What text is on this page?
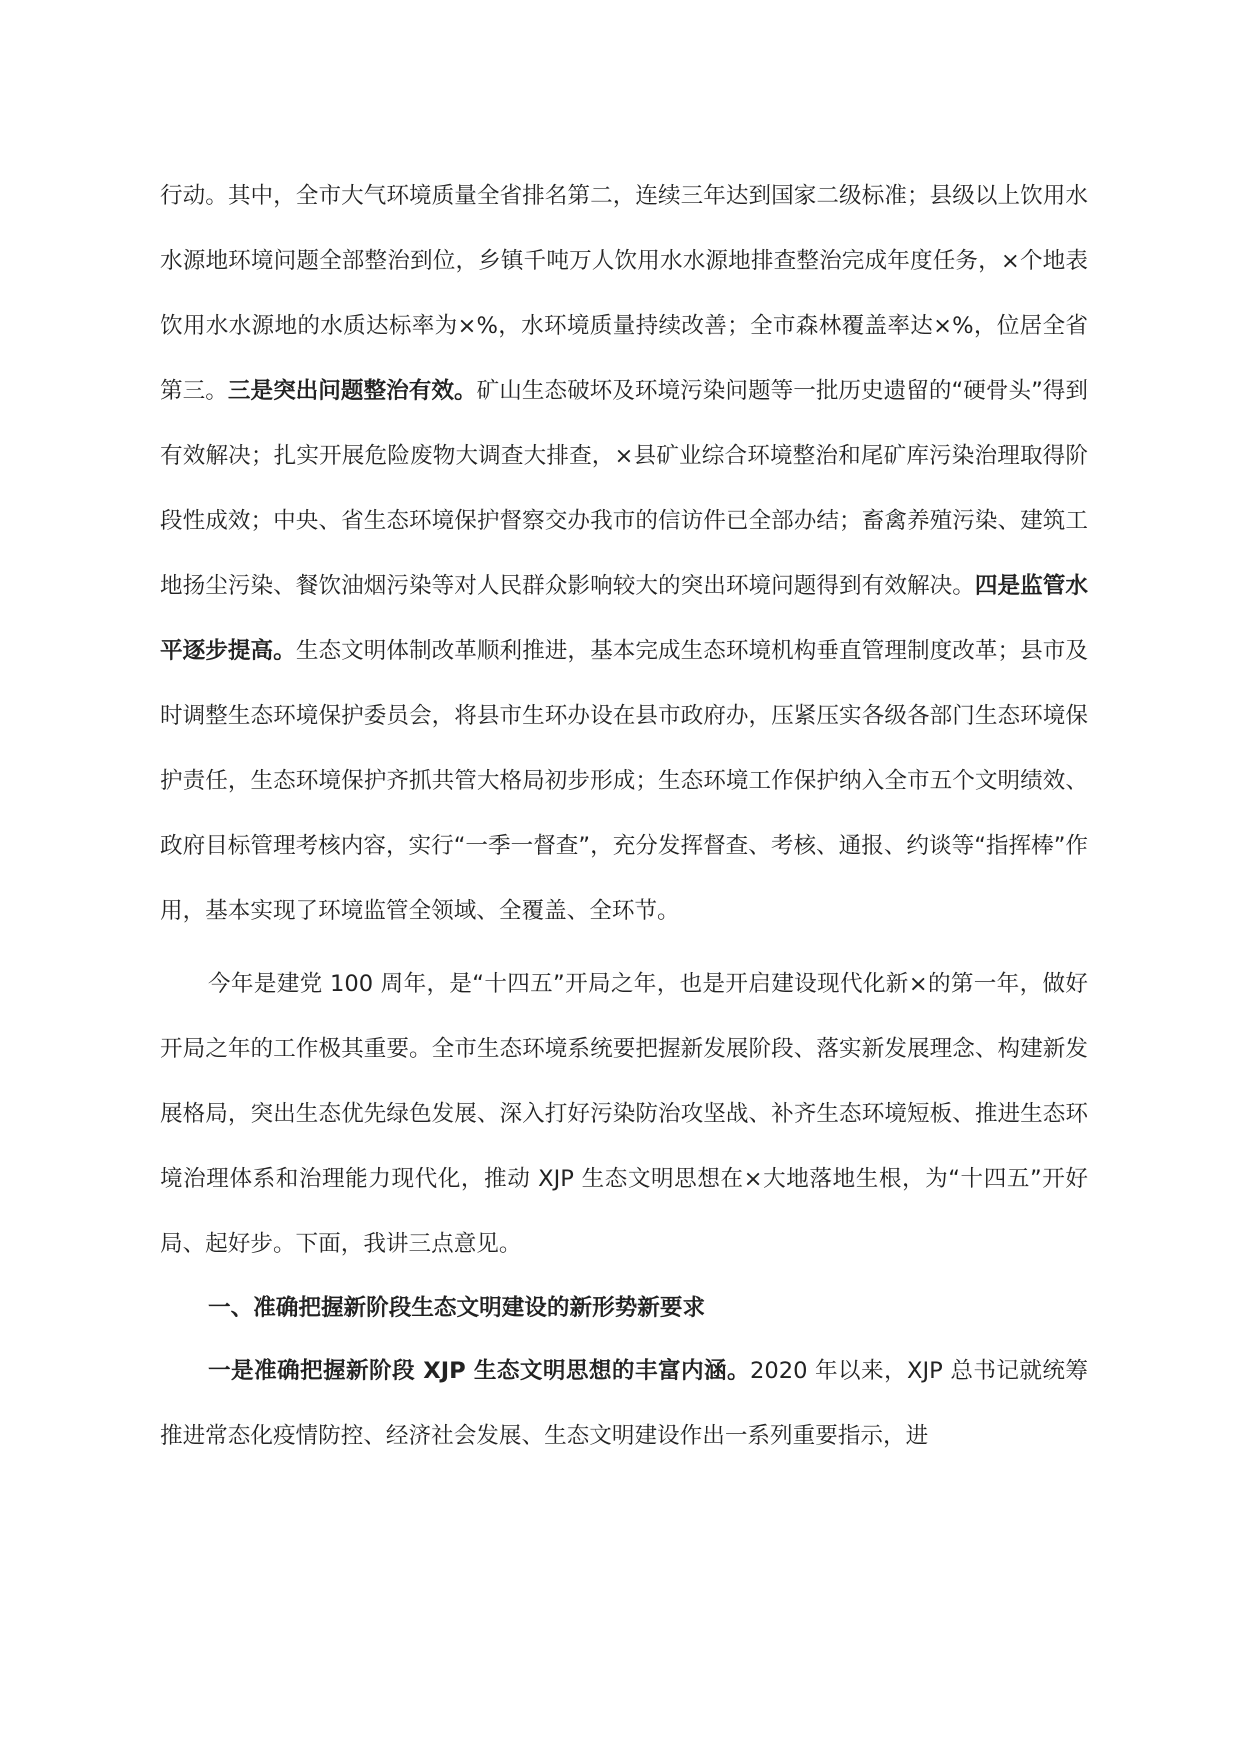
行动。其中，全市大气环境质量全省排名第二，连续三年达到国家二级标准；县级以上饮用水水源地环境问题全部整治到位，乡镇千吨万人饮用水水源地排查整治完成年度任务，×个地表饮用水水源地的水质达标率为×%，水环境质量持续改善；全市森林覆盖率达×%，位居全省第三。三是突出问题整治有效。矿山生态破坏及环境污染问题等一批历史遗留的“硬骨头”得到有效解决；扎实开展危险废物大调查大排查，×县矿业综合环境整治和尾矿库污染治理取得阶段性成效；中央、省生态环境保护督察交办我市的信访件已全部办结；畜禽养殖污染、建筑工地扬尘污染、餐饮油烟污染等对人民群众影响较大的突出环境问题得到有效解决。四是监管水平逐步提高。生态文明体制改革顺利推进，基本完成生态环境机构垂直管理制度改革；县市及时调整生态环境保护委员会，将县市生环办设在县市政府办，压紧压实各级各部门生态环境保护责任，生态环境保护齐抓共管大格局初步形成；生态环境工作保护纳入全市五个文明绩效、政府目标管理考核内容，实行“一季一督查”，充分发挥督查、考核、通报、约谈等“指挥棒”作用，基本实现了环境监管全领域、全覆盖、全环节。

今年是建党 100 周年，是“十四五”开局之年，也是开启建设现代化新×的第一年，做好开局之年的工作极其重要。全市生态环境系统要把握新发展阶段、落实新发展理念、构建新发展格局，突出生态优先绿色发展、深入打好污染防治攻坚战、补齐生态环境短板、推进生态环境治理体系和治理能力现代化，推动 XJP 生态文明思想在×大地落地生根，为“十四五”开好局、起好步。下面，我讲三点意见。

一、准确把握新阶段生态文明建设的新形势新要求

一是准确把握新阶段 XJP 生态文明思想的丰富内涵。2020 年以来，XJP 总书记就统筹推进常态化疫情防控、经济社会发展、生态文明建设作出一系列重要指示，进
